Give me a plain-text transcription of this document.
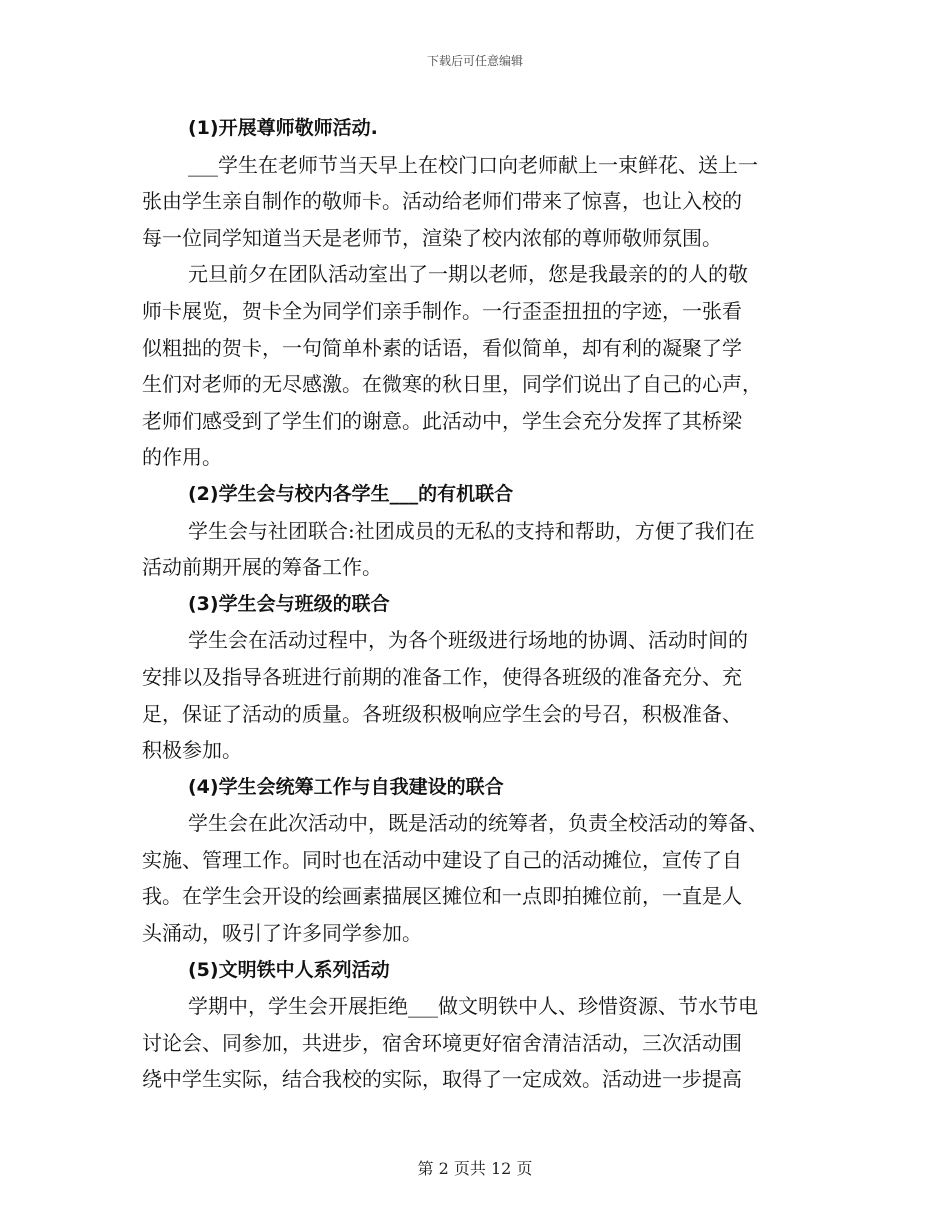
下载后可任意编辑
(1)开展尊师敬师活动.
___学生在老师节当天早上在校门口向老师献上一束鲜花、送上一
张由学生亲自制作的敬师卡。活动给老师们带来了惊喜，也让入校的
每一位同学知道当天是老师节，渲染了校内浓郁的尊师敬师氛围。
元旦前夕在团队活动室出了一期以老师，您是我最亲的的人的敬
师卡展览，贺卡全为同学们亲手制作。一行歪歪扭扭的字迹，一张看
似粗拙的贺卡，一句简单朴素的话语，看似简单，却有利的凝聚了学
生们对老师的无尽感激。在微寒的秋日里，同学们说出了自己的心声，
老师们感受到了学生们的谢意。此活动中，学生会充分发挥了其桥梁
的作用。
(2)学生会与校内各学生___的有机联合
学生会与社团联合:社团成员的无私的支持和帮助，方便了我们在
活动前期开展的筹备工作。
(3)学生会与班级的联合
学生会在活动过程中，为各个班级进行场地的协调、活动时间的
安排以及指导各班进行前期的准备工作，使得各班级的准备充分、充
足，保证了活动的质量。各班级积极响应学生会的号召，积极准备、
积极参加。
(4)学生会统筹工作与自我建设的联合
学生会在此次活动中，既是活动的统筹者，负责全校活动的筹备、
实施、管理工作。同时也在活动中建设了自己的活动摊位，宣传了自
我。在学生会开设的绘画素描展区摊位和一点即拍摊位前，一直是人
头涌动，吸引了许多同学参加。
(5)文明铁中人系列活动
学期中，学生会开展拒绝___做文明铁中人、珍惜资源、节水节电
讨论会、同参加，共进步，宿舍环境更好宿舍清洁活动，三次活动围
绕中学生实际，结合我校的实际，取得了一定成效。活动进一步提高
第 2 页共 12 页
